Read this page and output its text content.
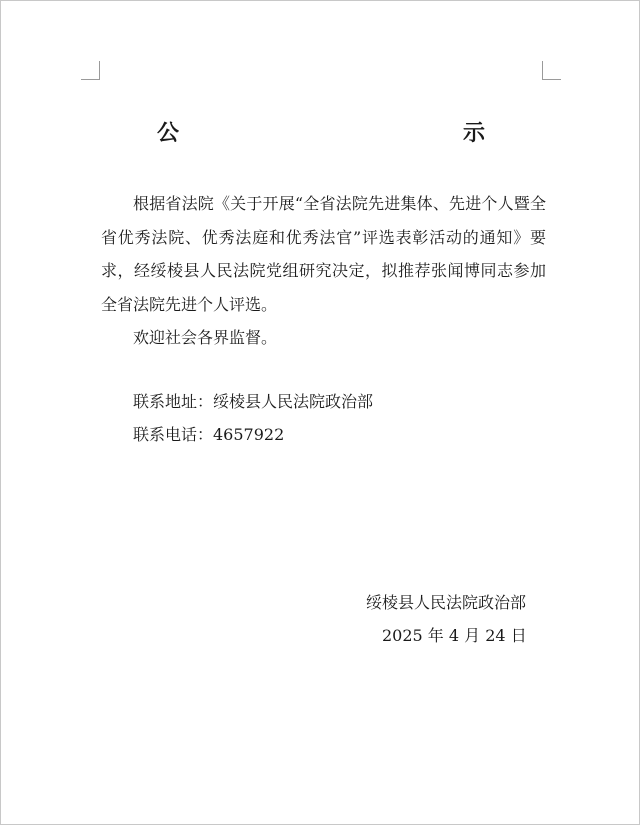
公　　示

根据省法院《关于开展“全省法院先进集体、先进个人暨全省优秀法院、优秀法庭和优秀法官”评选表彰活动的通知》要求，经绥棱县人民法院党组研究决定，拟推荐张闻博同志参加全省法院先进个人评选。

欢迎社会各界监督。

联系地址：绥棱县人民法院政治部
联系电话：4657922
绥棱县人民法院政治部
2025 年 4 月 24 日
